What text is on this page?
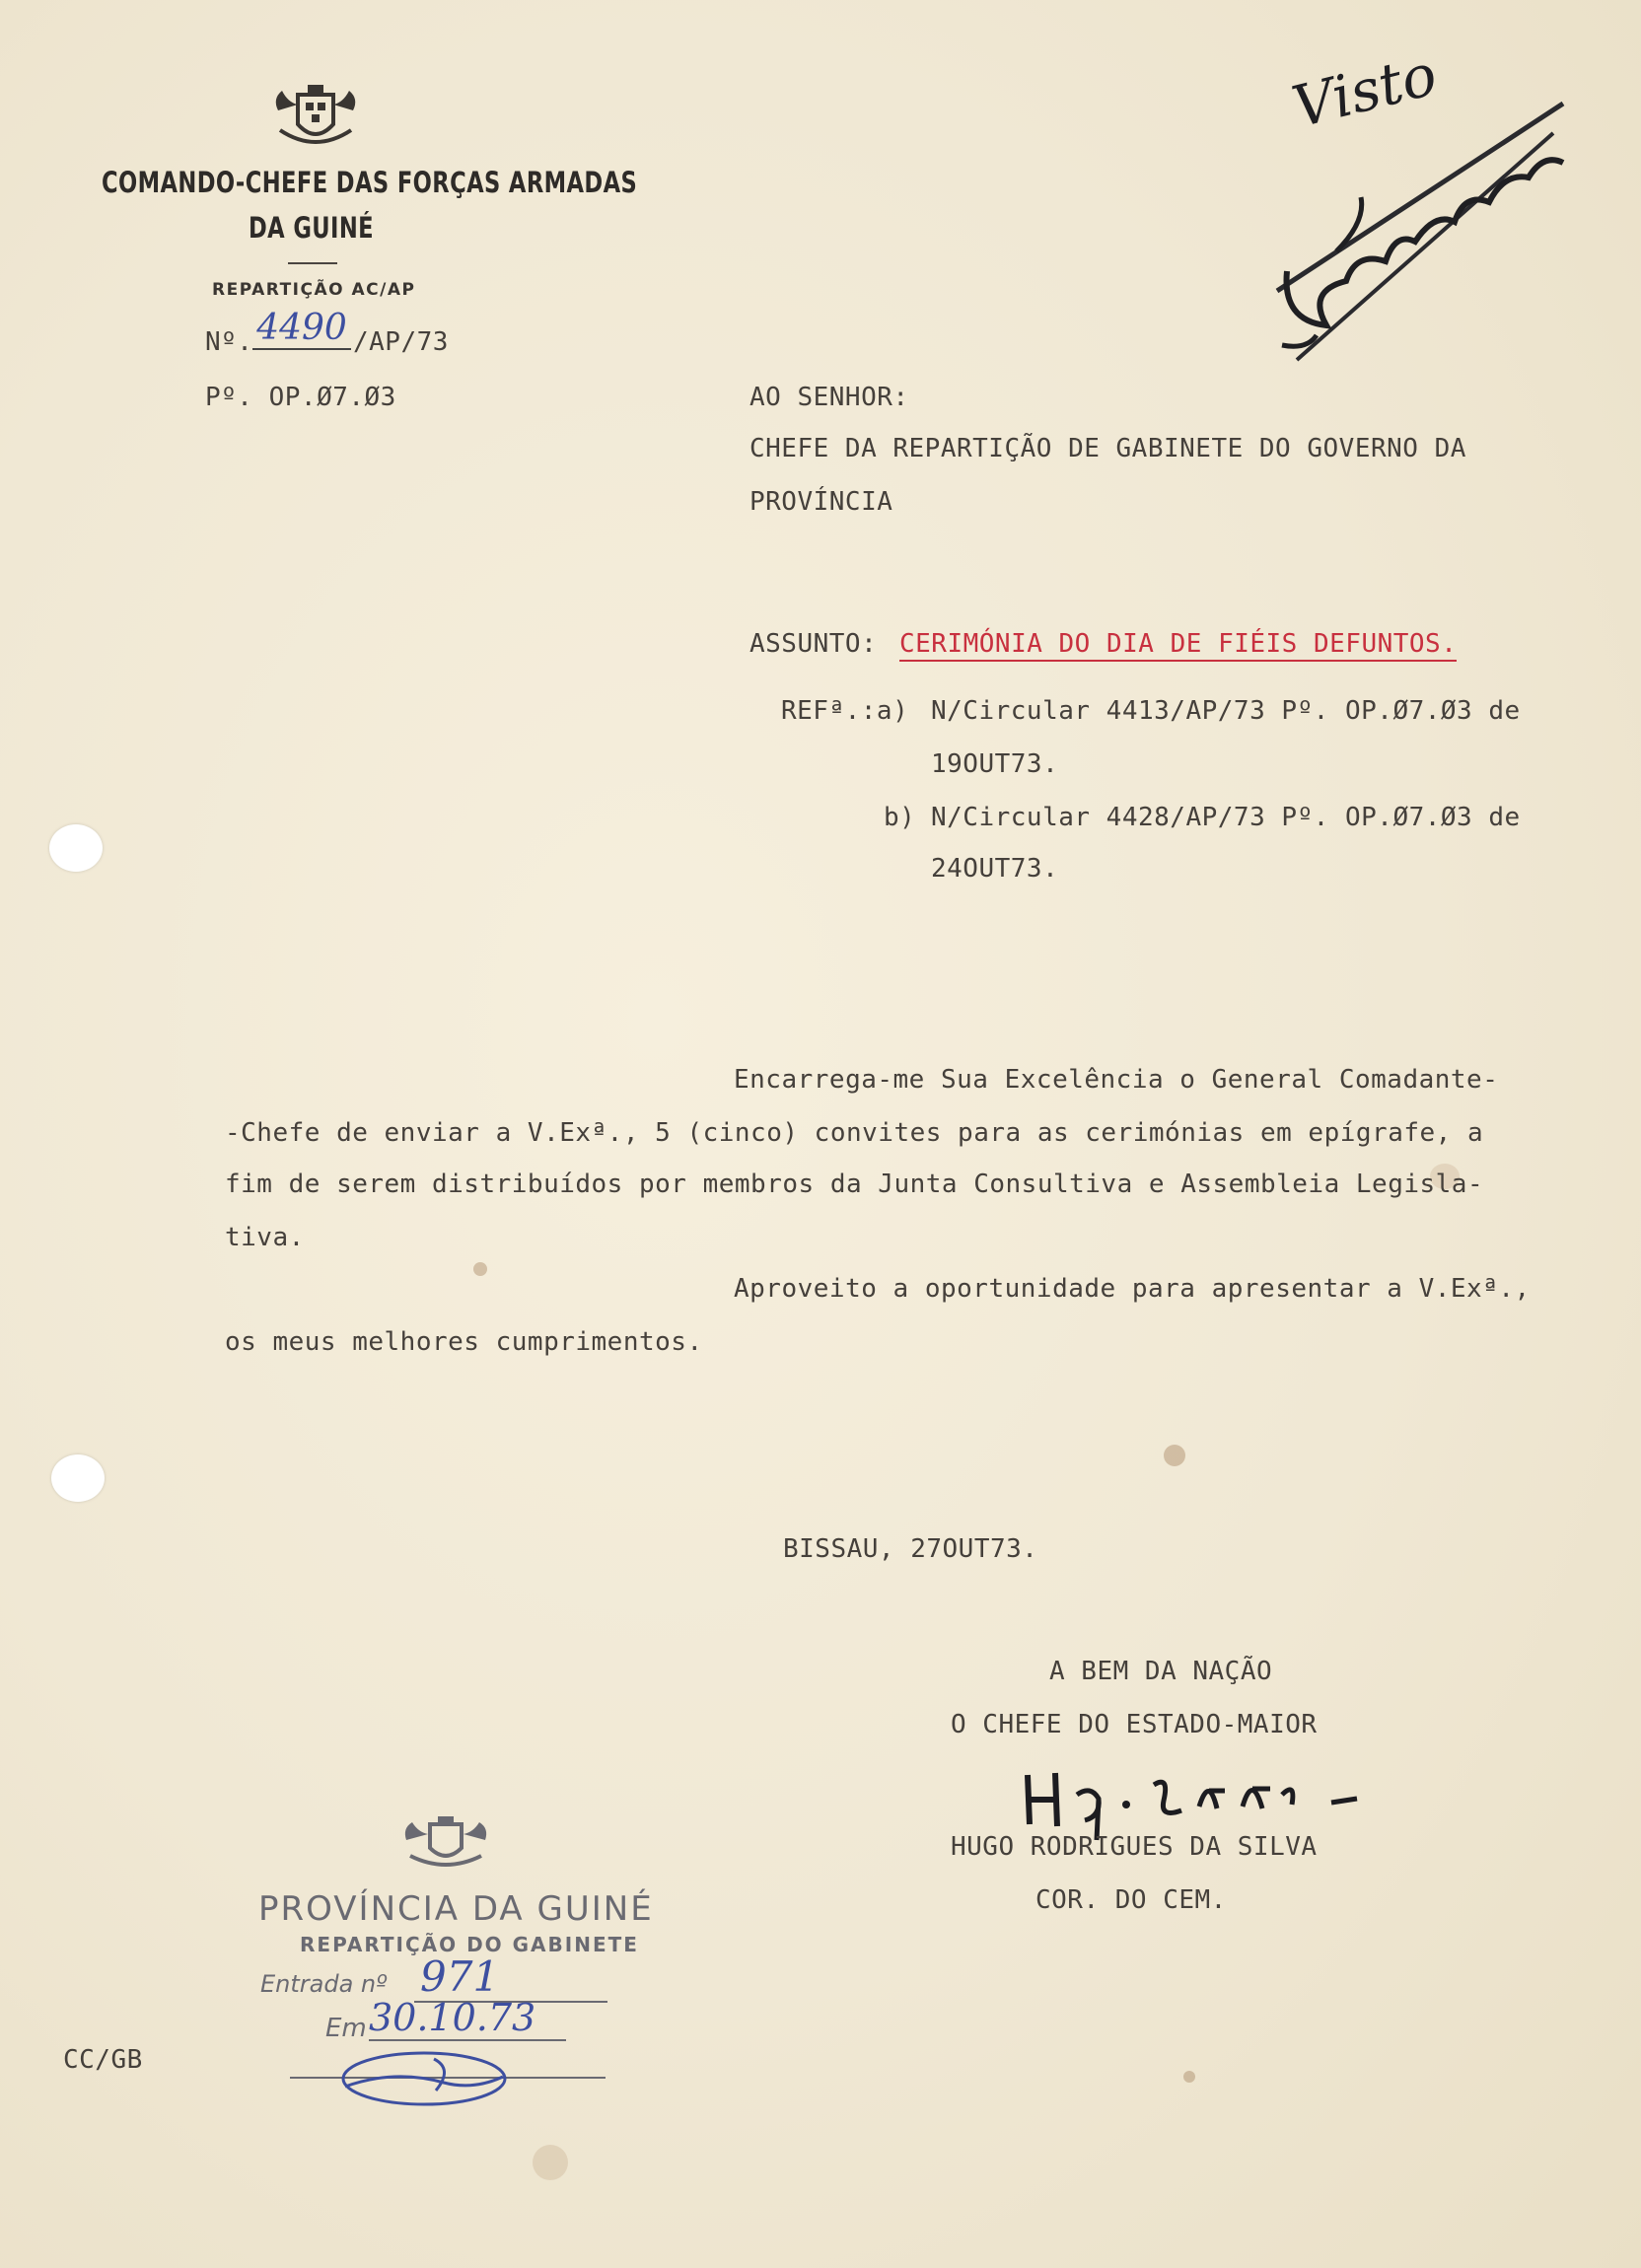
COMANDO-CHEFE DAS FORÇAS ARMADAS
DA GUINÉ
REPARTIÇÃO AC/AP
Nº. 4490 /AP/73
Pº. OP.Ø7.Ø3
Visto
AO SENHOR:
CHEFE DA REPARTIÇÃO DE GABINETE DO GOVERNO DA
PROVÍNCIA
ASSUNTO: CERIMÓNIA DO DIA DE FIÉIS DEFUNTOS.
REFª.:a) N/Circular 4413/AP/73 Pº. OP.Ø7.Ø3 de
19OUT73.
b) N/Circular 4428/AP/73 Pº. OP.Ø7.Ø3 de
24OUT73.
Encarrega-me Sua Excelência o General Comadante-
-Chefe de enviar a V.Exª., 5 (cinco) convites para as cerimónias em epígrafe, a
fim de serem distribuídos por membros da Junta Consultiva e Assembleia Legisla-
tiva.
Aproveito a oportunidade para apresentar a V.Exª.,
os meus melhores cumprimentos.
BISSAU, 27OUT73.
A BEM DA NAÇÃO
O CHEFE DO ESTADO-MAIOR
HUGO RODRIGUES DA SILVA
COR. DO CEM.
PROVÍNCIA DA GUINÉ
REPARTIÇÃO DO GABINETE
Entrada nº 971
Em 30.10.73
CC/GB
